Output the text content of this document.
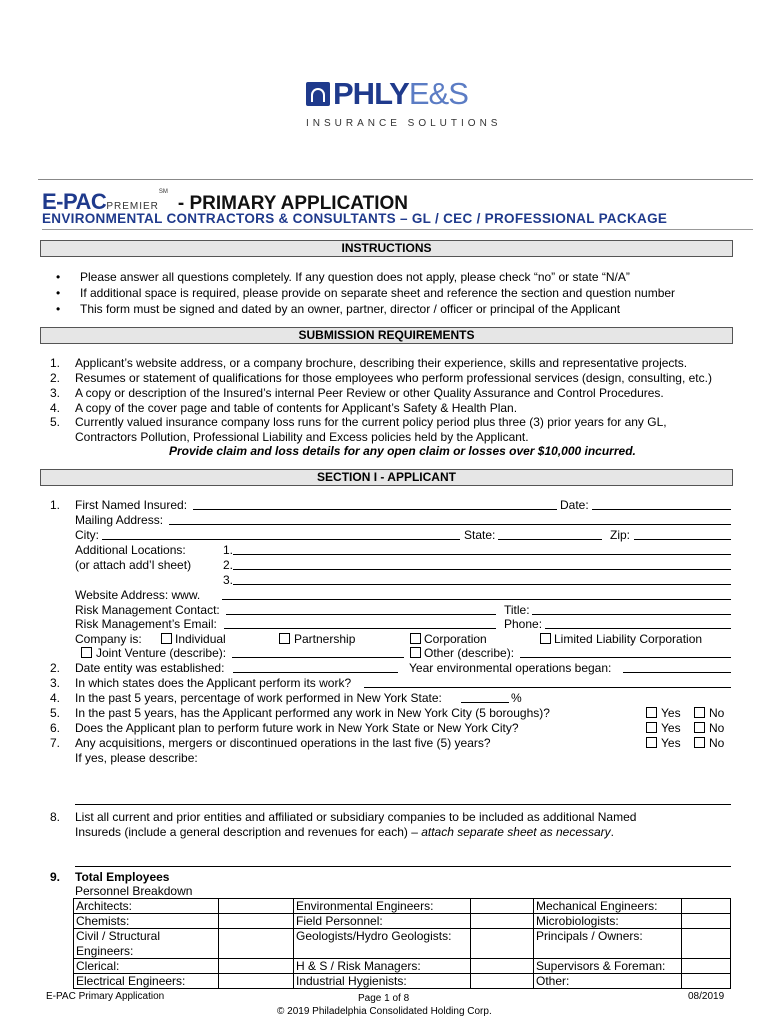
PHLYE&S
INSURANCE SOLUTIONS
E-PACPREMIER℠- PRIMARY APPLICATION
ENVIRONMENTAL CONTRACTORS & CONSULTANTS – GL / CEC / PROFESSIONAL PACKAGE
INSTRUCTIONS
• Please answer all questions completely. If any question does not apply, please check “no” or state “N/A”
• If additional space is required, please provide on separate sheet and reference the section and question number
• This form must be signed and dated by an owner, partner, director / officer or principal of the Applicant
SUBMISSION REQUIREMENTS
1. Applicant’s website address, or a company brochure, describing their experience, skills and representative projects.
2. Resumes or statement of qualifications for those employees who perform professional services (design, consulting, etc.)
3. A copy or description of the Insured’s internal Peer Review or other Quality Assurance and Control Procedures.
4. A copy of the cover page and table of contents for Applicant’s Safety & Health Plan.
5. Currently valued insurance company loss runs for the current policy period plus three (3) prior years for any GL,
Contractors Pollution, Professional Liability and Excess policies held by the Applicant.
Provide claim and loss details for any open claim or losses over $10,000 incurred.
SECTION I - APPLICANT
1. First Named Insured:	Date:
Mailing Address:
City:	State:	Zip:
Additional Locations:	1.
(or attach add’l sheet)	2.
3.
Website Address: www.
Risk Management Contact:	Title:
Risk Management’s Email:	Phone:
Company is:	Individual	Partnership	Corporation	Limited Liability Corporation
Joint Venture (describe):	Other (describe):
2. Date entity was established:	Year environmental operations began:
3. In which states does the Applicant perform its work?
4. In the past 5 years, percentage of work performed in New York State:	%
5. In the past 5 years, has the Applicant performed any work in New York City (5 boroughs)?	Yes No
6. Does the Applicant plan to perform future work in New York State or New York City?	Yes No
7. Any acquisitions, mergers or discontinued operations in the last five (5) years?	Yes No
If yes, please describe:
8. List all current and prior entities and affiliated or subsidiary companies to be included as additional Named
Insureds (include a general description and revenues for each) – attach separate sheet as necessary.
9. Total Employees
Personnel Breakdown
Architects:		Environmental Engineers:		Mechanical Engineers:	
Chemists:		Field Personnel:		Microbiologists:	
Civil / Structural Engineers:		Geologists/Hydro Geologists:		Principals / Owners:	
Clerical:		H & S / Risk Managers:		Supervisors & Foreman:	
Electrical Engineers:		Industrial Hygienists:		Other:	
E-PAC Primary Application	Page 1 of 8
© 2019 Philadelphia Consolidated Holding Corp.
08/2019
